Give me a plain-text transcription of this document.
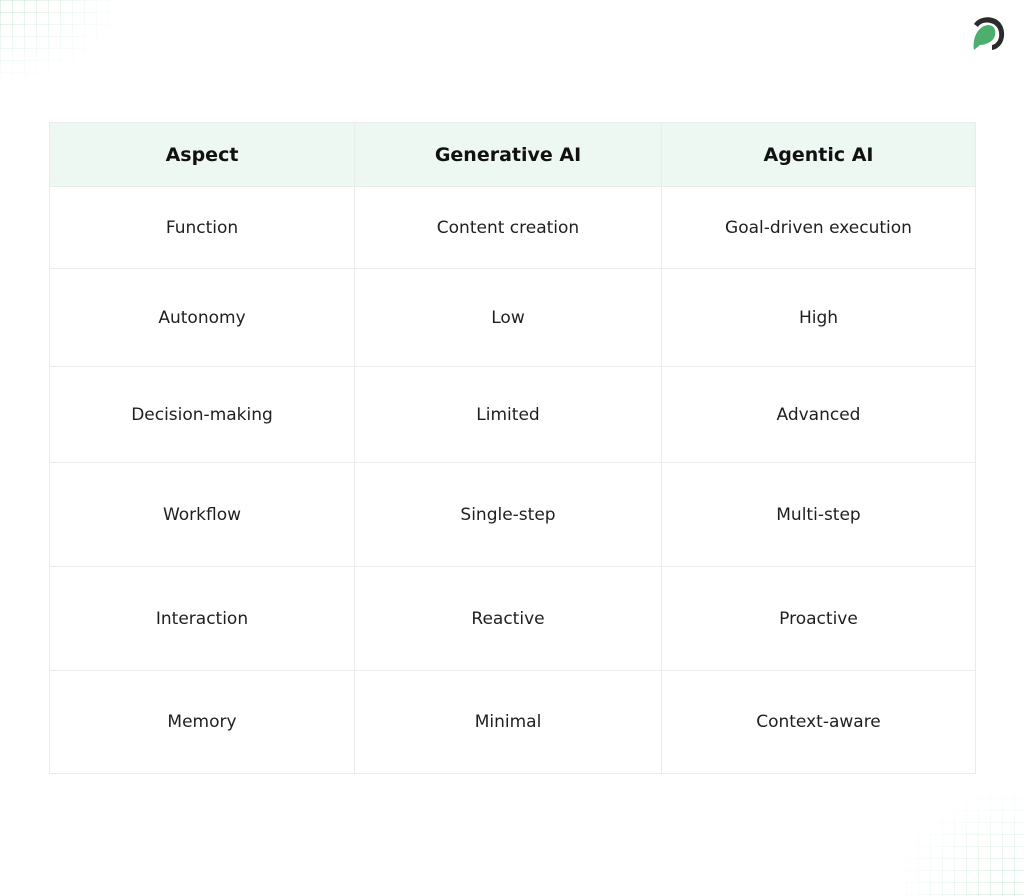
Aspect	Generative AI	Agentic AI
Function	Content creation	Goal-driven execution
Autonomy	Low	High
Decision-making	Limited	Advanced
Workflow	Single-step	Multi-step
Interaction	Reactive	Proactive
Memory	Minimal	Context-aware
